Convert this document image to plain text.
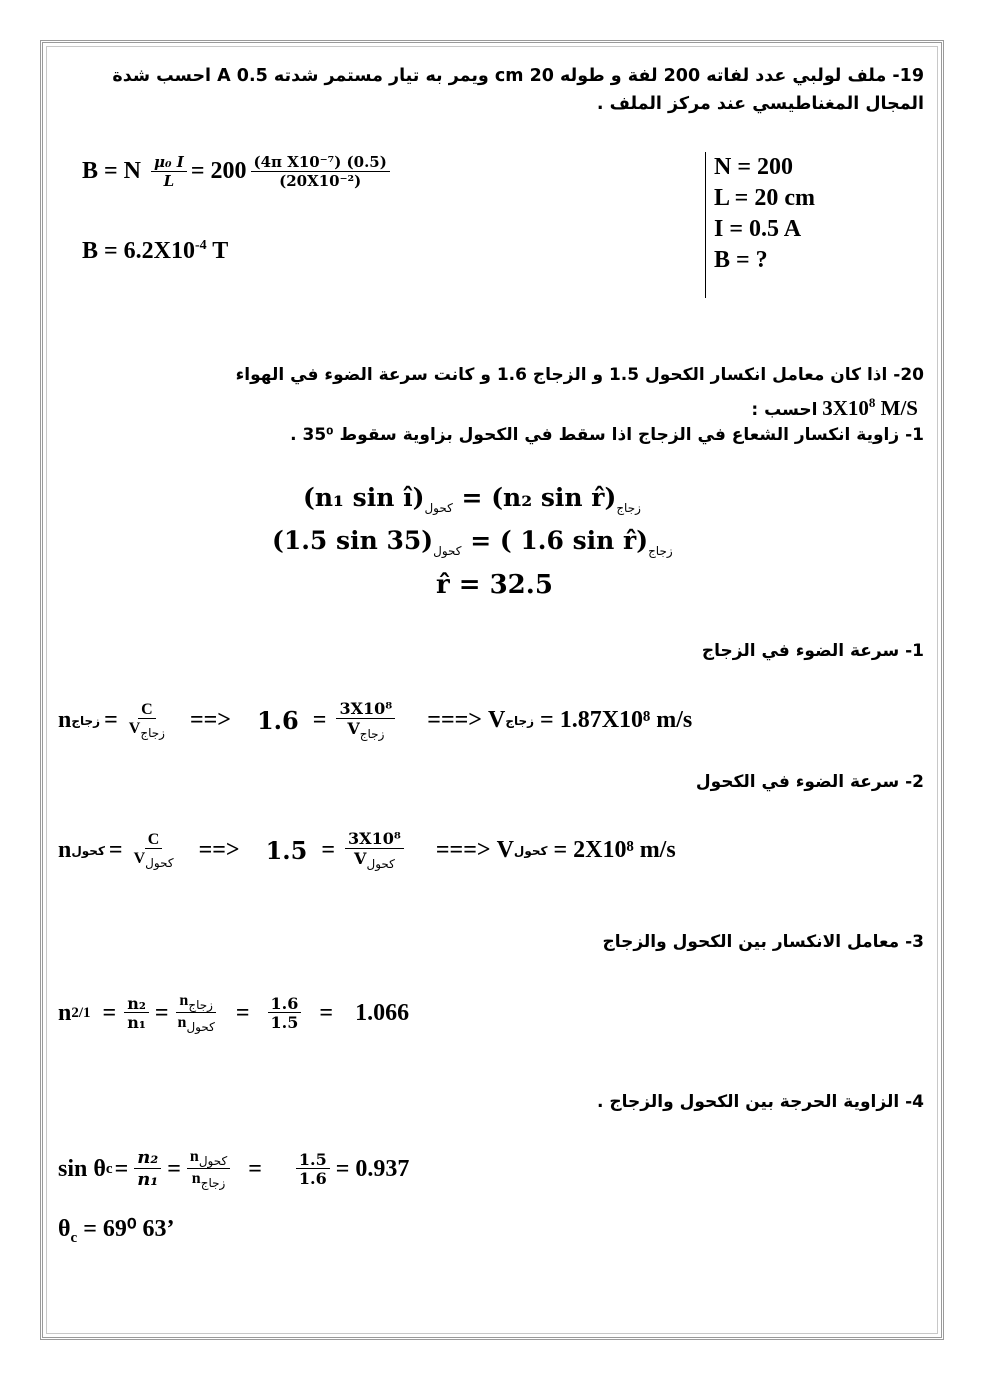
19- ملف لولبي عدد لفاته 200 لفة و طوله 20 cm ويمر به تيار مستمر شدته 0.5 A احسب شدة
المجال المغناطيسي عند مركز الملف .
B = N $\frac{\text{μ₀ I}}{L} = 200 \frac{\text{(4π X10⁻⁷) (0.5)}}{\text{(20X10⁻²)}}$
$B = 6.2X10^{-4}$ T
N = 200
L = 20 cm
I = 0.5 A
B = ?
20- اذا كان معامل انكسار الكحول 1.5 و الزجاج 1.6 و كانت سرعة الضوء في الهواء
احسب : $3X10^8$ M/S
1- زاوية انكسار الشعاع في الزجاج اذا سقط في الكحول بزاوية سقوط 35⁰ .
(n₁ $\sin î)_{كحول} = (n_2$ $\sin r̂)_{زجاج}$
(1.5 $\sin 35)_{كحول}$ = ( 1.6 $\sin r̂)_{زجاج}$
r̂ = 32.5
1- سرعة الضوء في الزجاج
n زجاج = $\frac{C}{V_{زجاج}}$ ==> $1.6 = \frac{\text{3X10⁸}}{V_{زجاج}}$ ===> V زجاج = 1.87X10⁸ m/s
2- سرعة الضوء في الكحول
n كحول = $\frac{C}{V_{كحول}}$ ==> $1.5 = \frac{\text{3X10⁸}}{V_{كحول}}$ ===> V كحول = 2X10⁸ m/s
3- معامل الانكسار بين الكحول والزجاج
n $2/1 = \frac{\text{n₂}}{\text{n₁}} = \frac{n_{زجاج}}{n_{كحول}} = \frac{1.6}{1.5} = 1.066$
4- الزاوية الحرجة بين الكحول والزجاج .
sin θ $c = \frac{\text{n₂}}{\text{n₁}} = \frac{n_{كحول}}{n_{زجاج}} = \frac{1.5}{1.6} = 0.937$
$\theta_c = 69^0$ 63’
